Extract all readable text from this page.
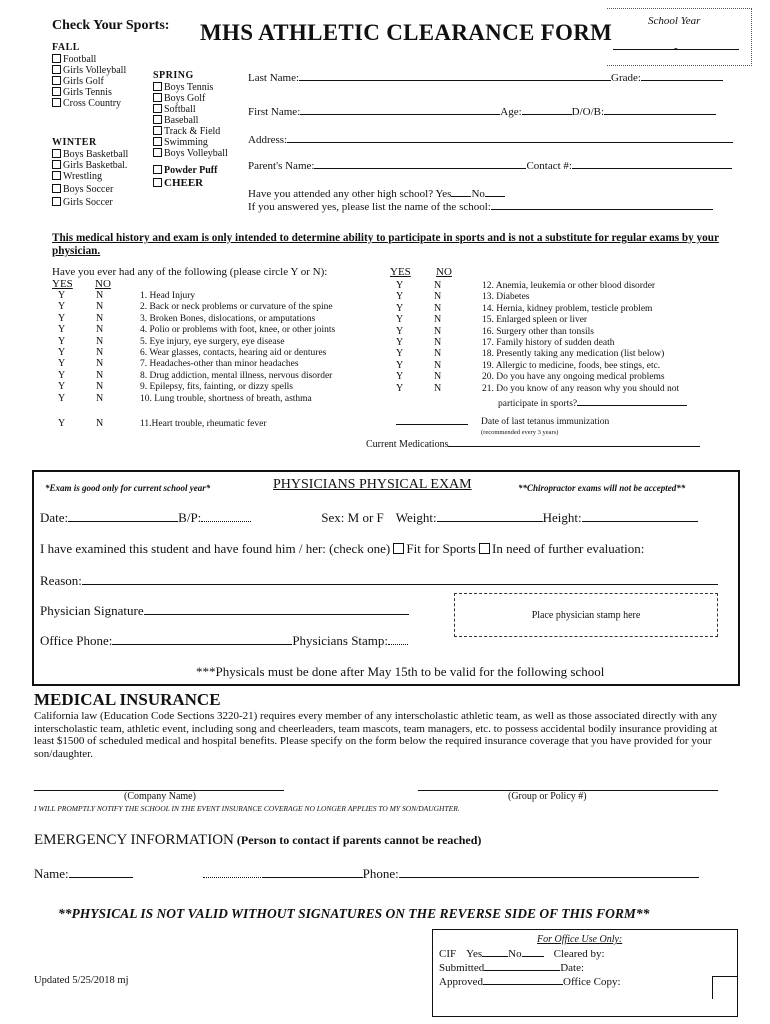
Check Your Sports: MHS ATHLETIC CLEARANCE FORM	School Year
-
FALL
Football
Girls Volleyball
Girls Golf
Girls Tennis
Cross Country
WINTER
Boys Basketball
Girls Basketbal.
Wrestling
Boys Soccer
Girls Soccer
SPRING
Boys Tennis
Boys Golf
Softball
Baseball
Track & Field
Swimming
Boys Volleyball
Powder Puff
CHEER
Last Name:	Grade:
First Name:	Age:	D/O/B:
Address:
Parent's Name:	Contact #:
Have you attended any other high school? Yes No
If you answered yes, please list the name of the school:
This medical history and exam is only intended to determine ability to participate in sports and is not a substitute for regular exams by your physician.
Have you ever had any of the following (please circle Y or N):
YES NO
YES NO
Y	N	1. Head Injury
Y	N	2. Back or neck problems or curvature of the spine
Y	N	3. Broken Bones, dislocations, or amputations
Y	N	4. Polio or problems with foot, knee, or other joints
Y	N	5. Eye injury, eye surgery, eye disease
Y	N	6. Wear glasses, contacts, hearing aid or dentures
Y	N	7. Headaches-other than minor headaches
Y	N	8. Drug addiction, mental illness, nervous disorder
Y	N	9. Epilepsy, fits, fainting, or dizzy spells
Y	N	10. Lung trouble, shortness of breath, asthma
Y	N	11.Heart trouble, rheumatic fever
Y	N	12. Anemia, leukemia or other blood disorder
Y	N	13. Diabetes
Y	N	14. Hernia, kidney problem, testicle problem
Y	N	15. Enlarged spleen or liver
Y	N	16. Surgery other than tonsils
Y	N	17. Family history of sudden death
Y	N	18. Presently taking any medication (list below)
Y	N	19. Allergic to medicine, foods, bee stings, etc.
Y	N	20. Do you have any ongoing medical problems
Y	N	21. Do you know of any reason why you should not
participate in sports?
Date of last tetanus immunization
(recommended every 3 years)
Current Medications
*Exam is good only for current school year*	PHYSICIANS PHYSICAL EXAM	**Chiropractor exams will not be accepted**
Date:	B/P:	Sex: M or F Weight:	Height:
I have examined this student and have found him / her: (check one) Fit for Sports In need of further evaluation:
Reason:
Physician Signature	Place physician stamp here
Office Phone:	Physicians Stamp:
***Physicals must be done after May 15th to be valid for the following school
MEDICAL INSURANCE
California law (Education Code Sections 3220-21) requires every member of any interscholastic athletic team, as well as those associated directly with any interscholastic team, athletic event, including song and cheerleaders, team mascots, team managers, etc. to possess accidental bodily insurance providing at least $1500 of scheduled medical and hospital benefits. Please specify on the form below the required insurance coverage that you have provided for your son/daughter.
(Company Name)	(Group or Policy #)
I WILL PROMPTLY NOTIFY THE SCHOOL IN THE EVENT INSURANCE COVERAGE NO LONGER APPLIES TO MY SON/DAUGHTER.
EMERGENCY INFORMATION (Person to contact if parents cannot be reached)
Name:	Phone:
**PHYSICAL IS NOT VALID WITHOUT SIGNATURES ON THE REVERSE SIDE OF THIS FORM**
Updated 5/25/2018 mj
For Office Use Only:
CIF Yes No	Cleared by:
Submitted	Date:
Approved	Office Copy:
